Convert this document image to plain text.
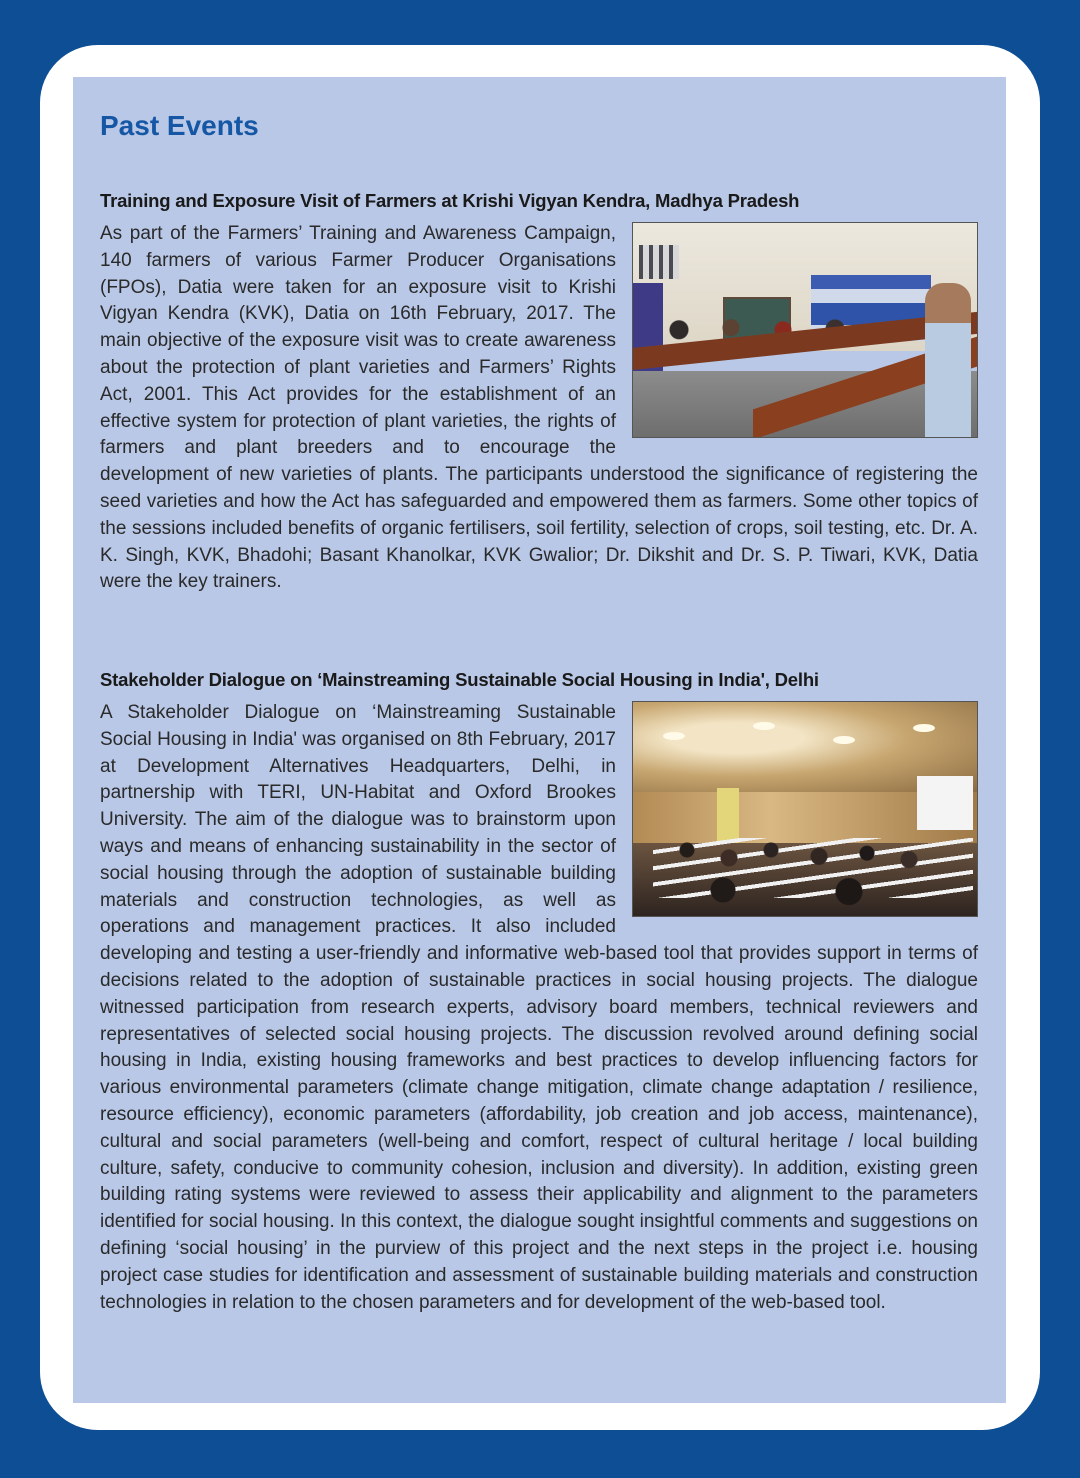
Past Events
Training and Exposure Visit of Farmers at Krishi Vigyan Kendra, Madhya Pradesh

As part of the Farmers’ Training and Awareness Campaign, 140 farmers of various Farmer Producer Organisations (FPOs), Datia were taken for an exposure visit to Krishi Vigyan Kendra (KVK), Datia on 16th February, 2017. The main objective of the exposure visit was to create awareness about the protection of plant varieties and Farmers’ Rights Act, 2001. This Act provides for the establishment of an effective system for protection of plant varieties, the rights of farmers and plant breeders and to encourage the development of new varieties of plants. The participants understood the significance of registering the seed varieties and how the Act has safeguarded and empowered them as farmers. Some other topics of the sessions included benefits of organic fertilisers, soil fertility, selection of crops, soil testing, etc. Dr. A. K. Singh, KVK, Bhadohi; Basant Khanolkar, KVK Gwalior; Dr. Dikshit and Dr. S. P. Tiwari, KVK, Datia were the key trainers.

Stakeholder Dialogue on ‘Mainstreaming Sustainable Social Housing in India', Delhi

A Stakeholder Dialogue on ‘Mainstreaming Sustainable Social Housing in India' was organised on 8th February, 2017 at Development Alternatives Headquarters, Delhi, in partnership with TERI, UN-Habitat and Oxford Brookes University. The aim of the dialogue was to brainstorm upon ways and means of enhancing sustainability in the sector of social housing through the adoption of sustainable building materials and construction technologies, as well as operations and management practices. It also included developing and testing a user-friendly and informative web-based tool that provides support in terms of decisions related to the adoption of sustainable practices in social housing projects. The dialogue witnessed participation from research experts, advisory board members, technical reviewers and representatives of selected social housing projects. The discussion revolved around defining social housing in India, existing housing frameworks and best practices to develop influencing factors for various environmental parameters (climate change mitigation, climate change adaptation / resilience, resource efficiency), economic parameters (affordability, job creation and job access, maintenance), cultural and social parameters (well-being and comfort, respect of cultural heritage / local building culture, safety, conducive to community cohesion, inclusion and diversity). In addition, existing green building rating systems were reviewed to assess their applicability and alignment to the parameters identified for social housing. In this context, the dialogue sought insightful comments and suggestions on defining ‘social housing’ in the purview of this project and the next steps in the project i.e. housing project case studies for identification and assessment of sustainable building materials and construction technologies in relation to the chosen parameters and for development of the web-based tool.
